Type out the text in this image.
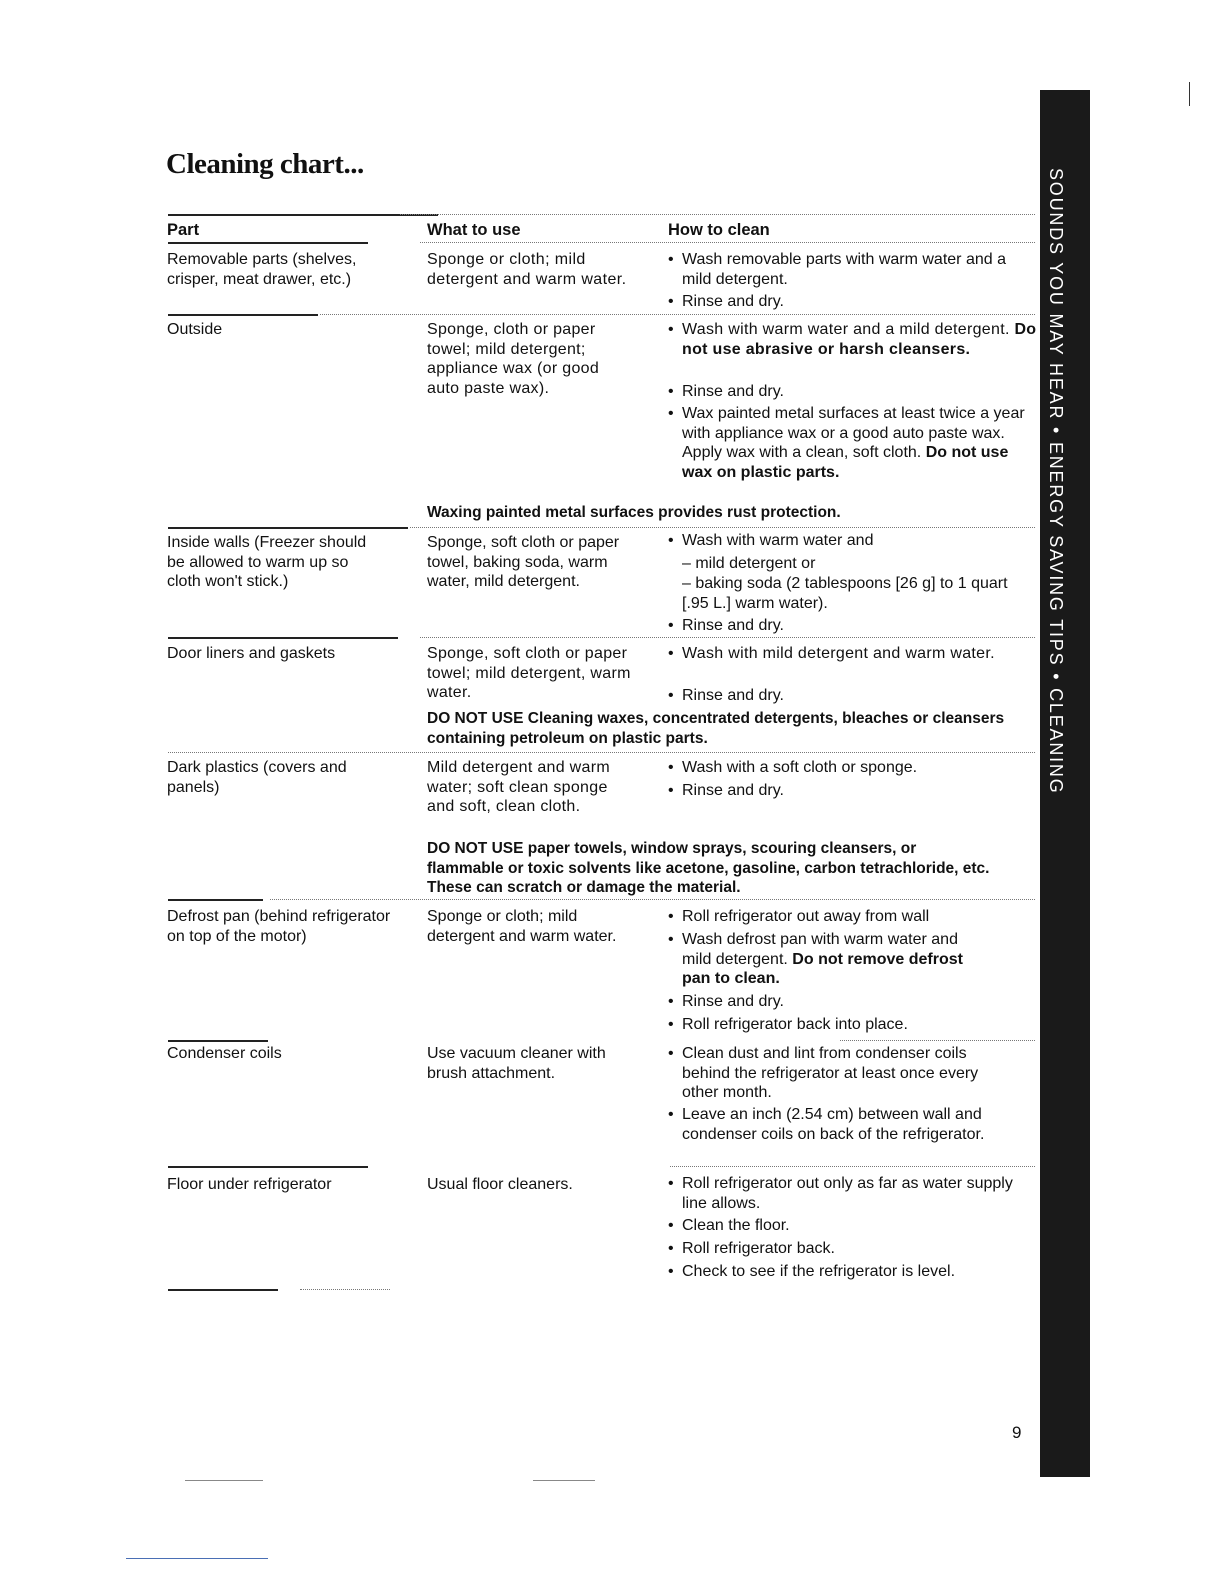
Cleaning chart...
SOUNDS YOU MAY HEAR • ENERGY SAVING TIPS • CLEANING
Part	What to use	How to clean
Removable parts (shelves, crisper, meat drawer, etc.)
Sponge or cloth; mild detergent and warm water.
• Wash removable parts with warm water and a mild detergent.
• Rinse and dry.
Outside	Sponge, cloth or paper towel; mild detergent; appliance wax (or good auto paste wax).
• Wash with warm water and a mild detergent. Do not use abrasive or harsh cleansers.
• Rinse and dry.
• Wax painted metal surfaces at least twice a year with appliance wax or a good auto paste wax. Apply wax with a clean, soft cloth. Do not use wax on plastic parts.
Waxing painted metal surfaces provides rust protection.
Inside walls (Freezer should be allowed to warm up so cloth won't stick.)
Sponge, soft cloth or paper towel, baking soda, warm water, mild detergent.
• Wash with warm water and
– mild detergent or
– baking soda (2 tablespoons [26 g] to 1 quart [.95 L.] warm water).
• Rinse and dry.
Door liners and gaskets	Sponge, soft cloth or paper towel; mild detergent, warm water.
• Wash with mild detergent and warm water.
• Rinse and dry.
DO NOT USE Cleaning waxes, concentrated detergents, bleaches or cleansers containing petroleum on plastic parts.
Dark plastics (covers and panels)
Mild detergent and warm water; soft clean sponge and soft, clean cloth.
• Wash with a soft cloth or sponge.
• Rinse and dry.
DO NOT USE paper towels, window sprays, scouring cleansers, or flammable or toxic solvents like acetone, gasoline, carbon tetrachloride, etc. These can scratch or damage the material.
Defrost pan (behind refrigerator on top of the motor)
Sponge or cloth; mild detergent and warm water.
• Roll refrigerator out away from wall
• Wash defrost pan with warm water and mild detergent. Do not remove defrost pan to clean.
• Rinse and dry.
• Roll refrigerator back into place.
Condenser coils	Use vacuum cleaner with brush attachment.
• Clean dust and lint from condenser coils behind the refrigerator at least once every other month.
• Leave an inch (2.54 cm) between wall and condenser coils on back of the refrigerator.
Floor under refrigerator	Usual floor cleaners.
•	Roll refrigerator out only as far as water supply line allows.
• Clean the floor.
• Roll refrigerator back.
• Check to see if the refrigerator is level.
9
